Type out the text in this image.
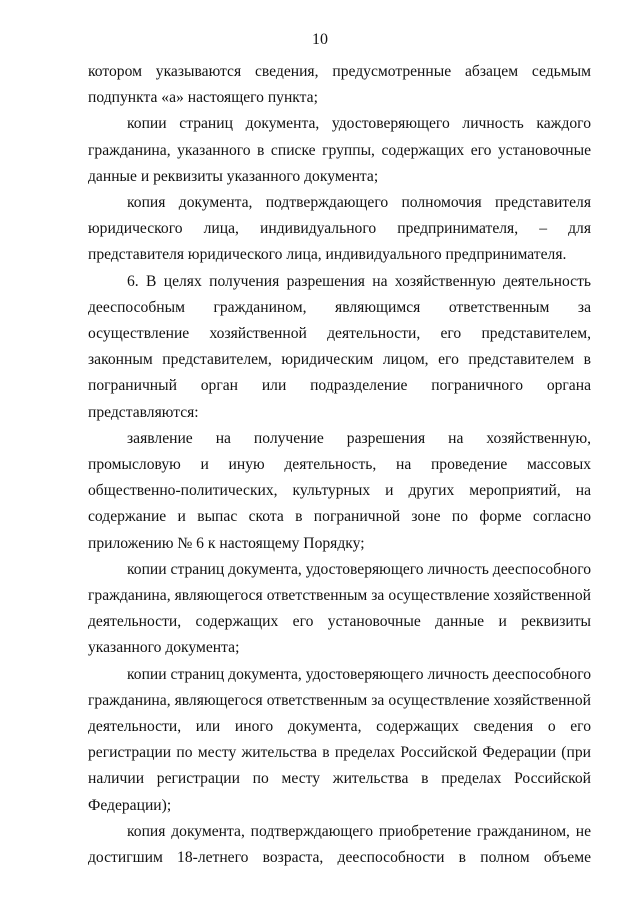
10

котором указываются сведения, предусмотренные абзацем седьмым подпункта «а» настоящего пункта;

копии страниц документа, удостоверяющего личность каждого гражданина, указанного в списке группы, содержащих его установочные данные и реквизиты указанного документа;

копия документа, подтверждающего полномочия представителя юридического лица, индивидуального предпринимателя, – для представителя юридического лица, индивидуального предпринимателя.

6. В целях получения разрешения на хозяйственную деятельность дееспособным гражданином, являющимся ответственным за осуществление хозяйственной деятельности, его представителем, законным представителем, юридическим лицом, его представителем в пограничный орган или подразделение пограничного органа представляются:

заявление на получение разрешения на хозяйственную, промысловую и иную деятельность, на проведение массовых общественно-политических, культурных и других мероприятий, на содержание и выпас скота в пограничной зоне по форме согласно приложению № 6 к настоящему Порядку;

копии страниц документа, удостоверяющего личность дееспособного гражданина, являющегося ответственным за осуществление хозяйственной деятельности, содержащих его установочные данные и реквизиты указанного документа;

копии страниц документа, удостоверяющего личность дееспособного гражданина, являющегося ответственным за осуществление хозяйственной деятельности, или иного документа, содержащих сведения о его регистрации по месту жительства в пределах Российской Федерации (при наличии регистрации по месту жительства в пределах Российской Федерации);

копия документа, подтверждающего приобретение гражданином, не достигшим 18-летнего возраста, дееспособности в полном объеме
